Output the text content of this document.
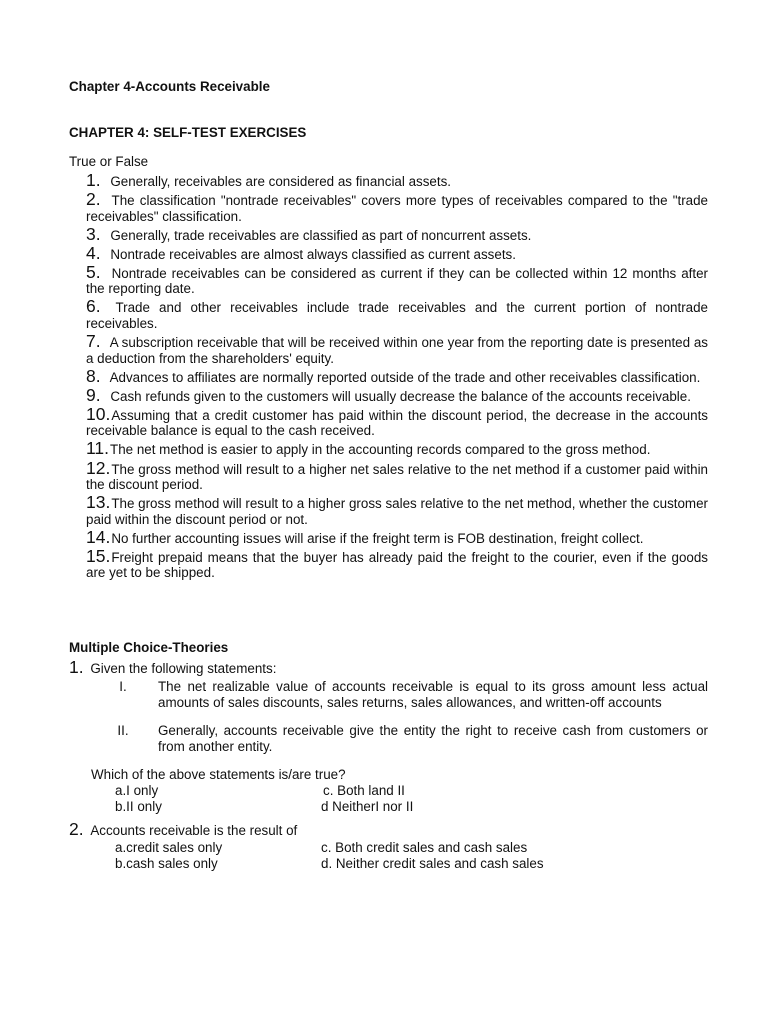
Chapter 4-Accounts Receivable
CHAPTER 4: SELF-TEST EXERCISES
True or False
1. Generally, receivables are considered as financial assets.
2. The classification "nontrade receivables" covers more types of receivables compared to the "trade receivables" classification.
3. Generally, trade receivables are classified as part of noncurrent assets.
4. Nontrade receivables are almost always classified as current assets.
5. Nontrade receivables can be considered as current if they can be collected within 12 months after the reporting date.
6. Trade and other receivables include trade receivables and the current portion of nontrade receivables.
7. A subscription receivable that will be received within one year from the reporting date is presented as a deduction from the shareholders' equity.
8. Advances to affiliates are normally reported outside of the trade and other receivables classification.
9. Cash refunds given to the customers will usually decrease the balance of the accounts receivable.
10.Assuming that a credit customer has paid within the discount period, the decrease in the accounts receivable balance is equal to the cash received.
11.The net method is easier to apply in the accounting records compared to the gross method.
12.The gross method will result to a higher net sales relative to the net method if a customer paid within the discount period.
13.The gross method will result to a higher gross sales relative to the net method, whether the customer paid within the discount period or not.
14.No further accounting issues will arise if the freight term is FOB destination, freight collect.
15.Freight prepaid means that the buyer has already paid the freight to the courier, even if the goods are yet to be shipped.
Multiple Choice-Theories
1. Given the following statements:
I.	The net realizable value of accounts receivable is equal to its gross amount less actual amounts of sales discounts, sales returns, sales allowances, and written-off accounts
II.	Generally, accounts receivable give the entity the right to receive cash from customers or from another entity.
Which of the above statements is/are true?
a.I only	c. Both land II
b.II only	d NeitherI nor II
2. Accounts receivable is the result of
a.credit sales only	c. Both credit sales and cash sales
b.cash sales only	d. Neither credit sales and cash sales
